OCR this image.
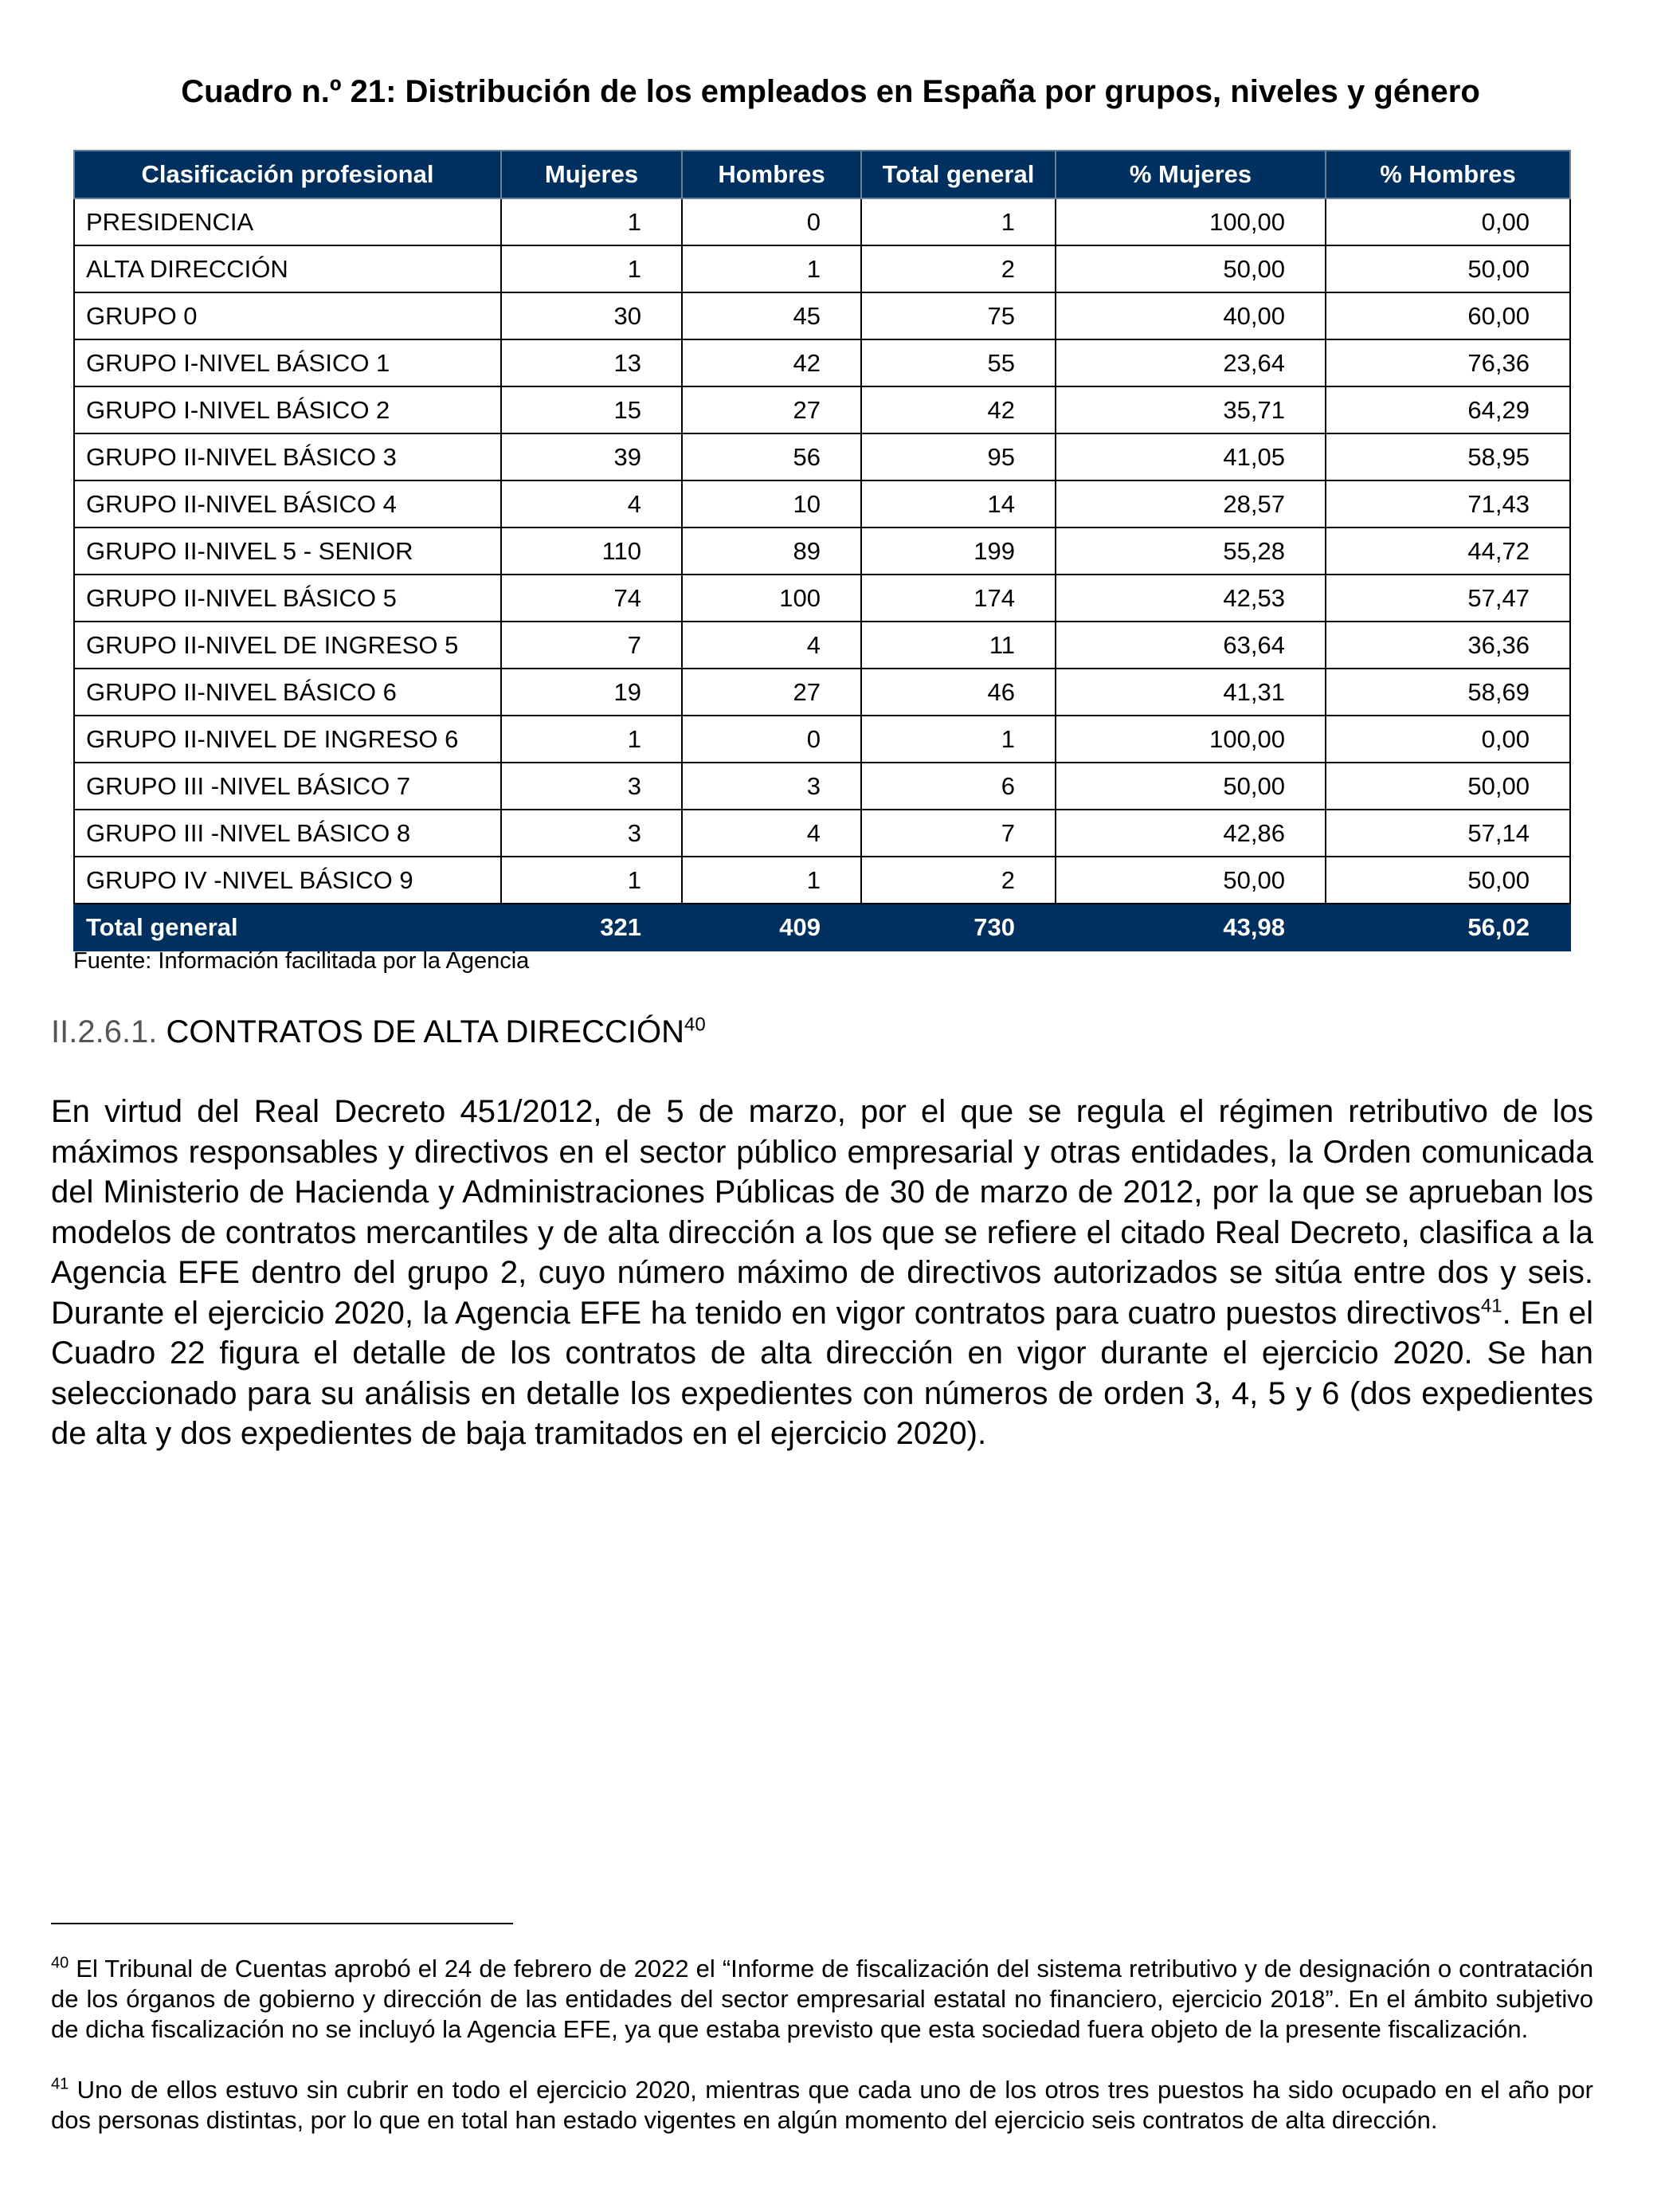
Cuadro n.º 21: Distribución de los empleados en España por grupos, niveles y género
Clasificación profesional	Mujeres	Hombres	Total general	% Mujeres	% Hombres
PRESIDENCIA	1	0	1	100,00	0,00
ALTA DIRECCIÓN	1	1	2	50,00	50,00
GRUPO 0	30	45	75	40,00	60,00
GRUPO I-NIVEL BÁSICO 1	13	42	55	23,64	76,36
GRUPO I-NIVEL BÁSICO 2	15	27	42	35,71	64,29
GRUPO II-NIVEL BÁSICO 3	39	56	95	41,05	58,95
GRUPO II-NIVEL BÁSICO 4	4	10	14	28,57	71,43
GRUPO II-NIVEL 5 - SENIOR	110	89	199	55,28	44,72
GRUPO II-NIVEL BÁSICO 5	74	100	174	42,53	57,47
GRUPO II-NIVEL DE INGRESO 5	7	4	11	63,64	36,36
GRUPO II-NIVEL BÁSICO 6	19	27	46	41,31	58,69
GRUPO II-NIVEL DE INGRESO 6	1	0	1	100,00	0,00
GRUPO III -NIVEL BÁSICO 7	3	3	6	50,00	50,00
GRUPO III -NIVEL BÁSICO 8	3	4	7	42,86	57,14
GRUPO IV -NIVEL BÁSICO 9	1	1	2	50,00	50,00
Total general	321	409	730	43,98	56,02
Fuente: Información facilitada por la Agencia
II.2.6.1. CONTRATOS DE ALTA DIRECCIÓN$^{40}$

En virtud del Real Decreto 451/2012, de 5 de marzo, por el que se regula el régimen retributivo de los máximos responsables y directivos en el sector público empresarial y otras entidades, la Orden comunicada del Ministerio de Hacienda y Administraciones Públicas de 30 de marzo de 2012, por la que se aprueban los modelos de contratos mercantiles y de alta dirección a los que se refiere el citado Real Decreto, clasifica a la Agencia EFE dentro del grupo 2, cuyo número máximo de directivos autorizados se sitúa entre dos y seis. Durante el ejercicio 2020, la Agencia EFE ha tenido en vigor contratos para cuatro puestos directivos$^{41}$. En el Cuadro 22 figura el detalle de los contratos de alta dirección en vigor durante el ejercicio 2020. Se han seleccionado para su análisis en detalle los expedientes con números de orden 3, 4, 5 y 6 (dos expedientes de alta y dos expedientes de baja tramitados en el ejercicio 2020).

$^{40}$ El Tribunal de Cuentas aprobó el 24 de febrero de 2022 el “Informe de fiscalización del sistema retributivo y de designación o contratación de los órganos de gobierno y dirección de las entidades del sector empresarial estatal no financiero, ejercicio 2018”. En el ámbito subjetivo de dicha fiscalización no se incluyó la Agencia EFE, ya que estaba previsto que esta sociedad fuera objeto de la presente fiscalización.

$^{41}$ Uno de ellos estuvo sin cubrir en todo el ejercicio 2020, mientras que cada uno de los otros tres puestos ha sido ocupado en el año por dos personas distintas, por lo que en total han estado vigentes en algún momento del ejercicio seis contratos de alta dirección.
